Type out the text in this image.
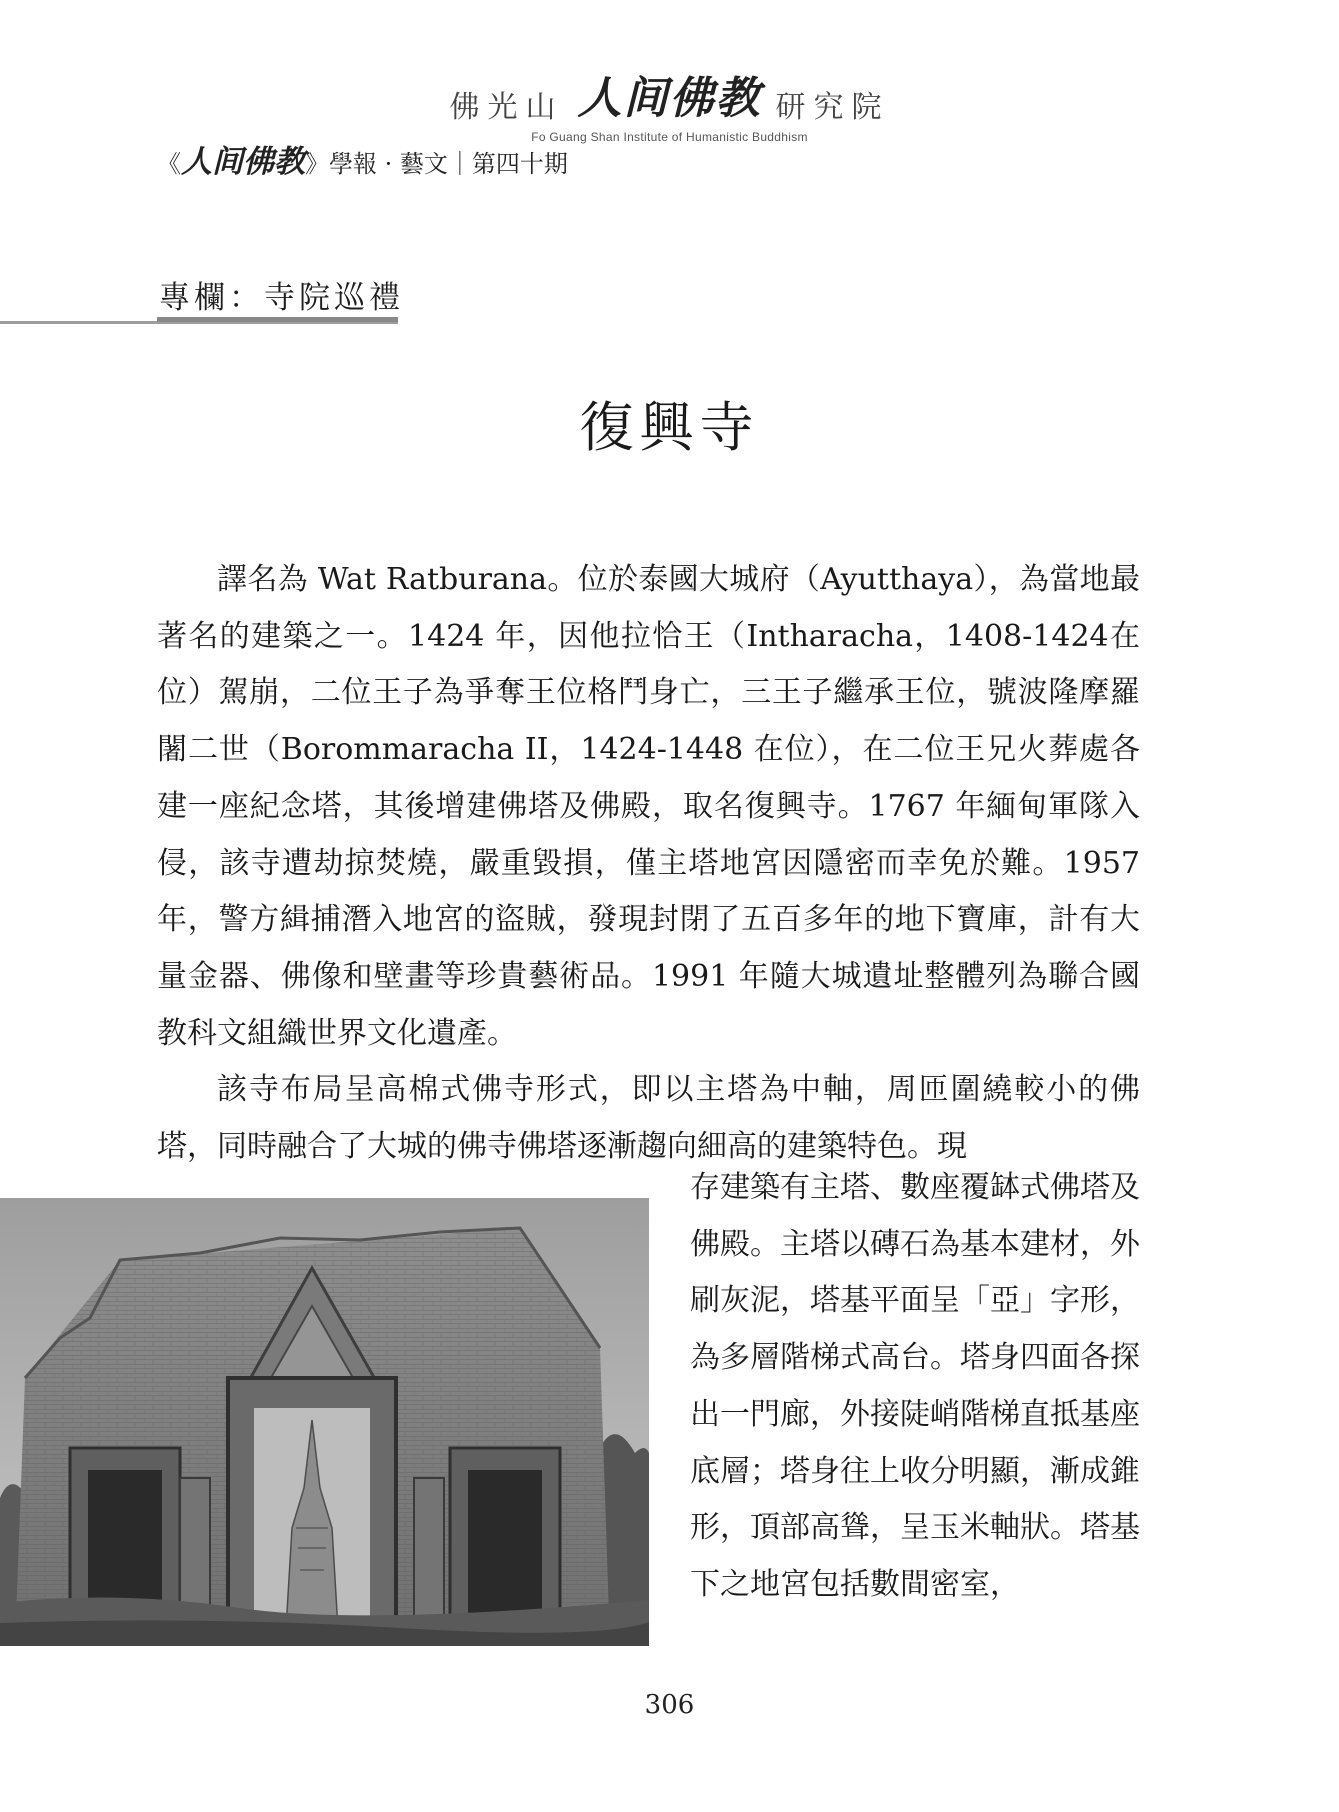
佛光山 人间佛教 研究院
Fo Guang Shan Institute of Humanistic Buddhism
《人间佛教》學報 · 藝文｜第四十期
專欄：寺院巡禮
復興寺

譯名為 Wat Ratburana。位於泰國大城府（Ayutthaya），為當地最著名的建築之一。1424 年，因他拉恰王（Intharacha，1408-1424在位）駕崩，二位王子為爭奪王位格鬥身亡，三王子繼承王位，號波隆摩羅闍二世（Borommaracha II，1424-1448 在位），在二位王兄火葬處各建一座紀念塔，其後增建佛塔及佛殿，取名復興寺。1767 年緬甸軍隊入侵，該寺遭劫掠焚燒，嚴重毀損，僅主塔地宮因隱密而幸免於難。1957 年，警方緝捕潛入地宮的盜賊，發現封閉了五百多年的地下寶庫，計有大量金器、佛像和壁畫等珍貴藝術品。1991 年隨大城遺址整體列為聯合國教科文組織世界文化遺產。

該寺布局呈高棉式佛寺形式，即以主塔為中軸，周匝圍繞較小的佛塔，同時融合了大城的佛寺佛塔逐漸趨向細高的建築特色。現

存建築有主塔、數座覆缽式佛塔及佛殿。主塔以磚石為基本建材，外刷灰泥，塔基平面呈「亞」字形，為多層階梯式高台。塔身四面各探出一門廊，外接陡峭階梯直抵基座底層；塔身往上收分明顯，漸成錐形，頂部高聳，呈玉米軸狀。塔基下之地宮包括數間密室，

306
